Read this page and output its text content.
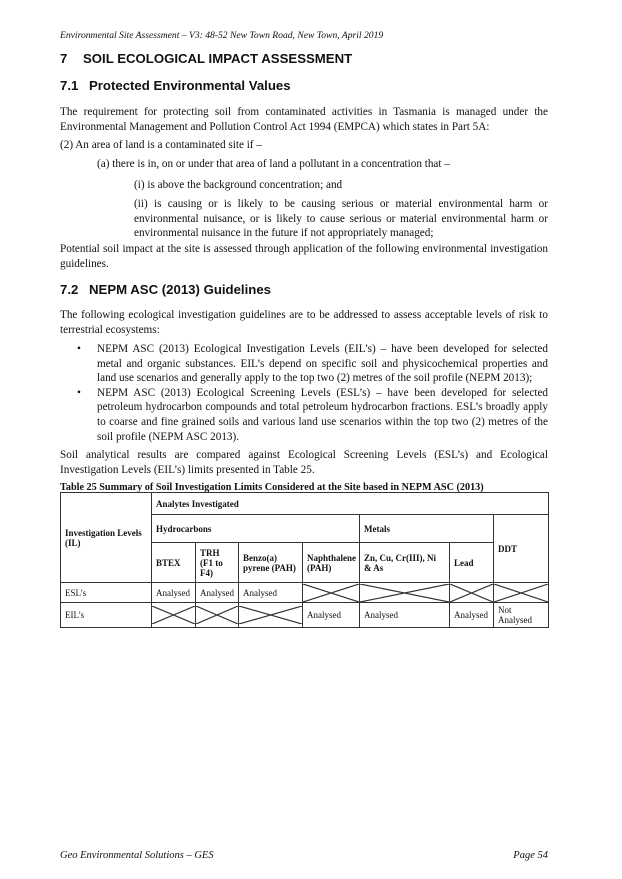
Environmental Site Assessment – V3: 48-52 New Town Road, New Town, April 2019
7 SOIL ECOLOGICAL IMPACT ASSESSMENT
7.1 Protected Environmental Values
The requirement for protecting soil from contaminated activities in Tasmania is managed under the Environmental Management and Pollution Control Act 1994 (EMPCA) which states in Part 5A:
(2) An area of land is a contaminated site if –
(a) there is in, on or under that area of land a pollutant in a concentration that –
(i) is above the background concentration; and
(ii) is causing or is likely to be causing serious or material environmental harm or environmental nuisance, or is likely to cause serious or material environmental harm or environmental nuisance in the future if not appropriately managed;
Potential soil impact at the site is assessed through application of the following environmental investigation guidelines.
7.2 NEPM ASC (2013) Guidelines
The following ecological investigation guidelines are to be addressed to assess acceptable levels of risk to terrestrial ecosystems:
• NEPM ASC (2013) Ecological Investigation Levels (EIL’s) – have been developed for selected metal and organic substances. EIL’s depend on specific soil and physicochemical properties and land use scenarios and generally apply to the top two (2) metres of the soil profile (NEPM 2013);
• NEPM ASC (2013) Ecological Screening Levels (ESL’s) – have been developed for selected petroleum hydrocarbon compounds and total petroleum hydrocarbon fractions. ESL’s broadly apply to coarse and fine grained soils and various land use scenarios within the top two (2) metres of the soil profile (NEPM ASC 2013).
Soil analytical results are compared against Ecological Screening Levels (ESL’s) and Ecological Investigation Levels (EIL’s) limits presented in Table 25.
Table 25 Summary of Soil Investigation Limits Considered at the Site based in NEPM ASC (2013)
Investigation Levels
(IL)	Analytes Investigated						
	Hydrocarbons				Metals		DDT
	BTEX	TRH (F1 to F4)	Benzo(a) pyrene (PAH)	Naphthalene (PAH)	Zn, Cu, Cr(III), Ni & As	Lead	
ESL’s	Analysed	Analysed	Analysed	

EIL’s				Analysed	Analysed	Analysed	Not Analysed
Geo Environmental Solutions – GES	Page 54
